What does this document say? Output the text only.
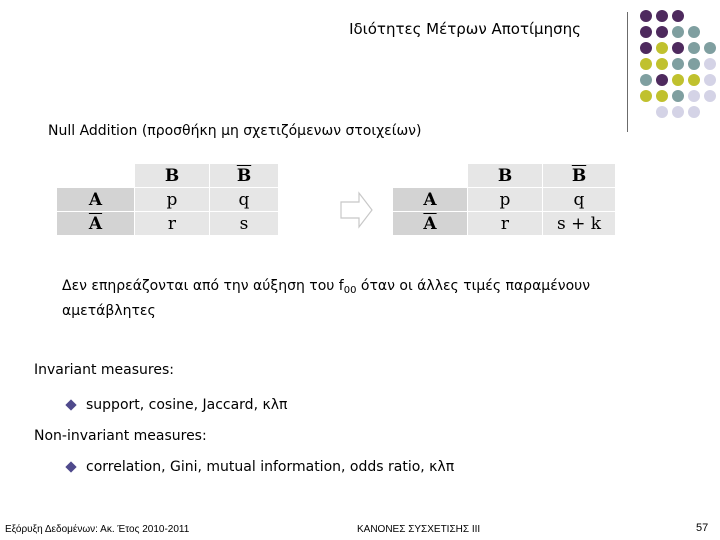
Ιδιότητες Μέτρων Αποτίμησης
Null Addition (προσθήκη μη σχετιζόμενων στοιχείων)
	B	$\overline{B}$
A	p	q
$\overline{A}$	r	s
	B	$\overline{B}$
A	p	q
$\overline{A}$	r	s + k
Δεν επηρεάζονται από την αύξηση του $f_{00}$ όταν οι άλλες τιμές παραμένουν αμετάβλητες
Invariant measures:
support, cosine, Jaccard, κλπ
Non-invariant measures:
correlation, Gini, mutual information, odds ratio, κλπ
Εξόρυξη Δεδομένων: Ακ. Έτος 2010-2011	ΚΑΝΟΝΕΣ ΣΥΣΧΕΤΙΣΗΣ ΙΙΙ	57
